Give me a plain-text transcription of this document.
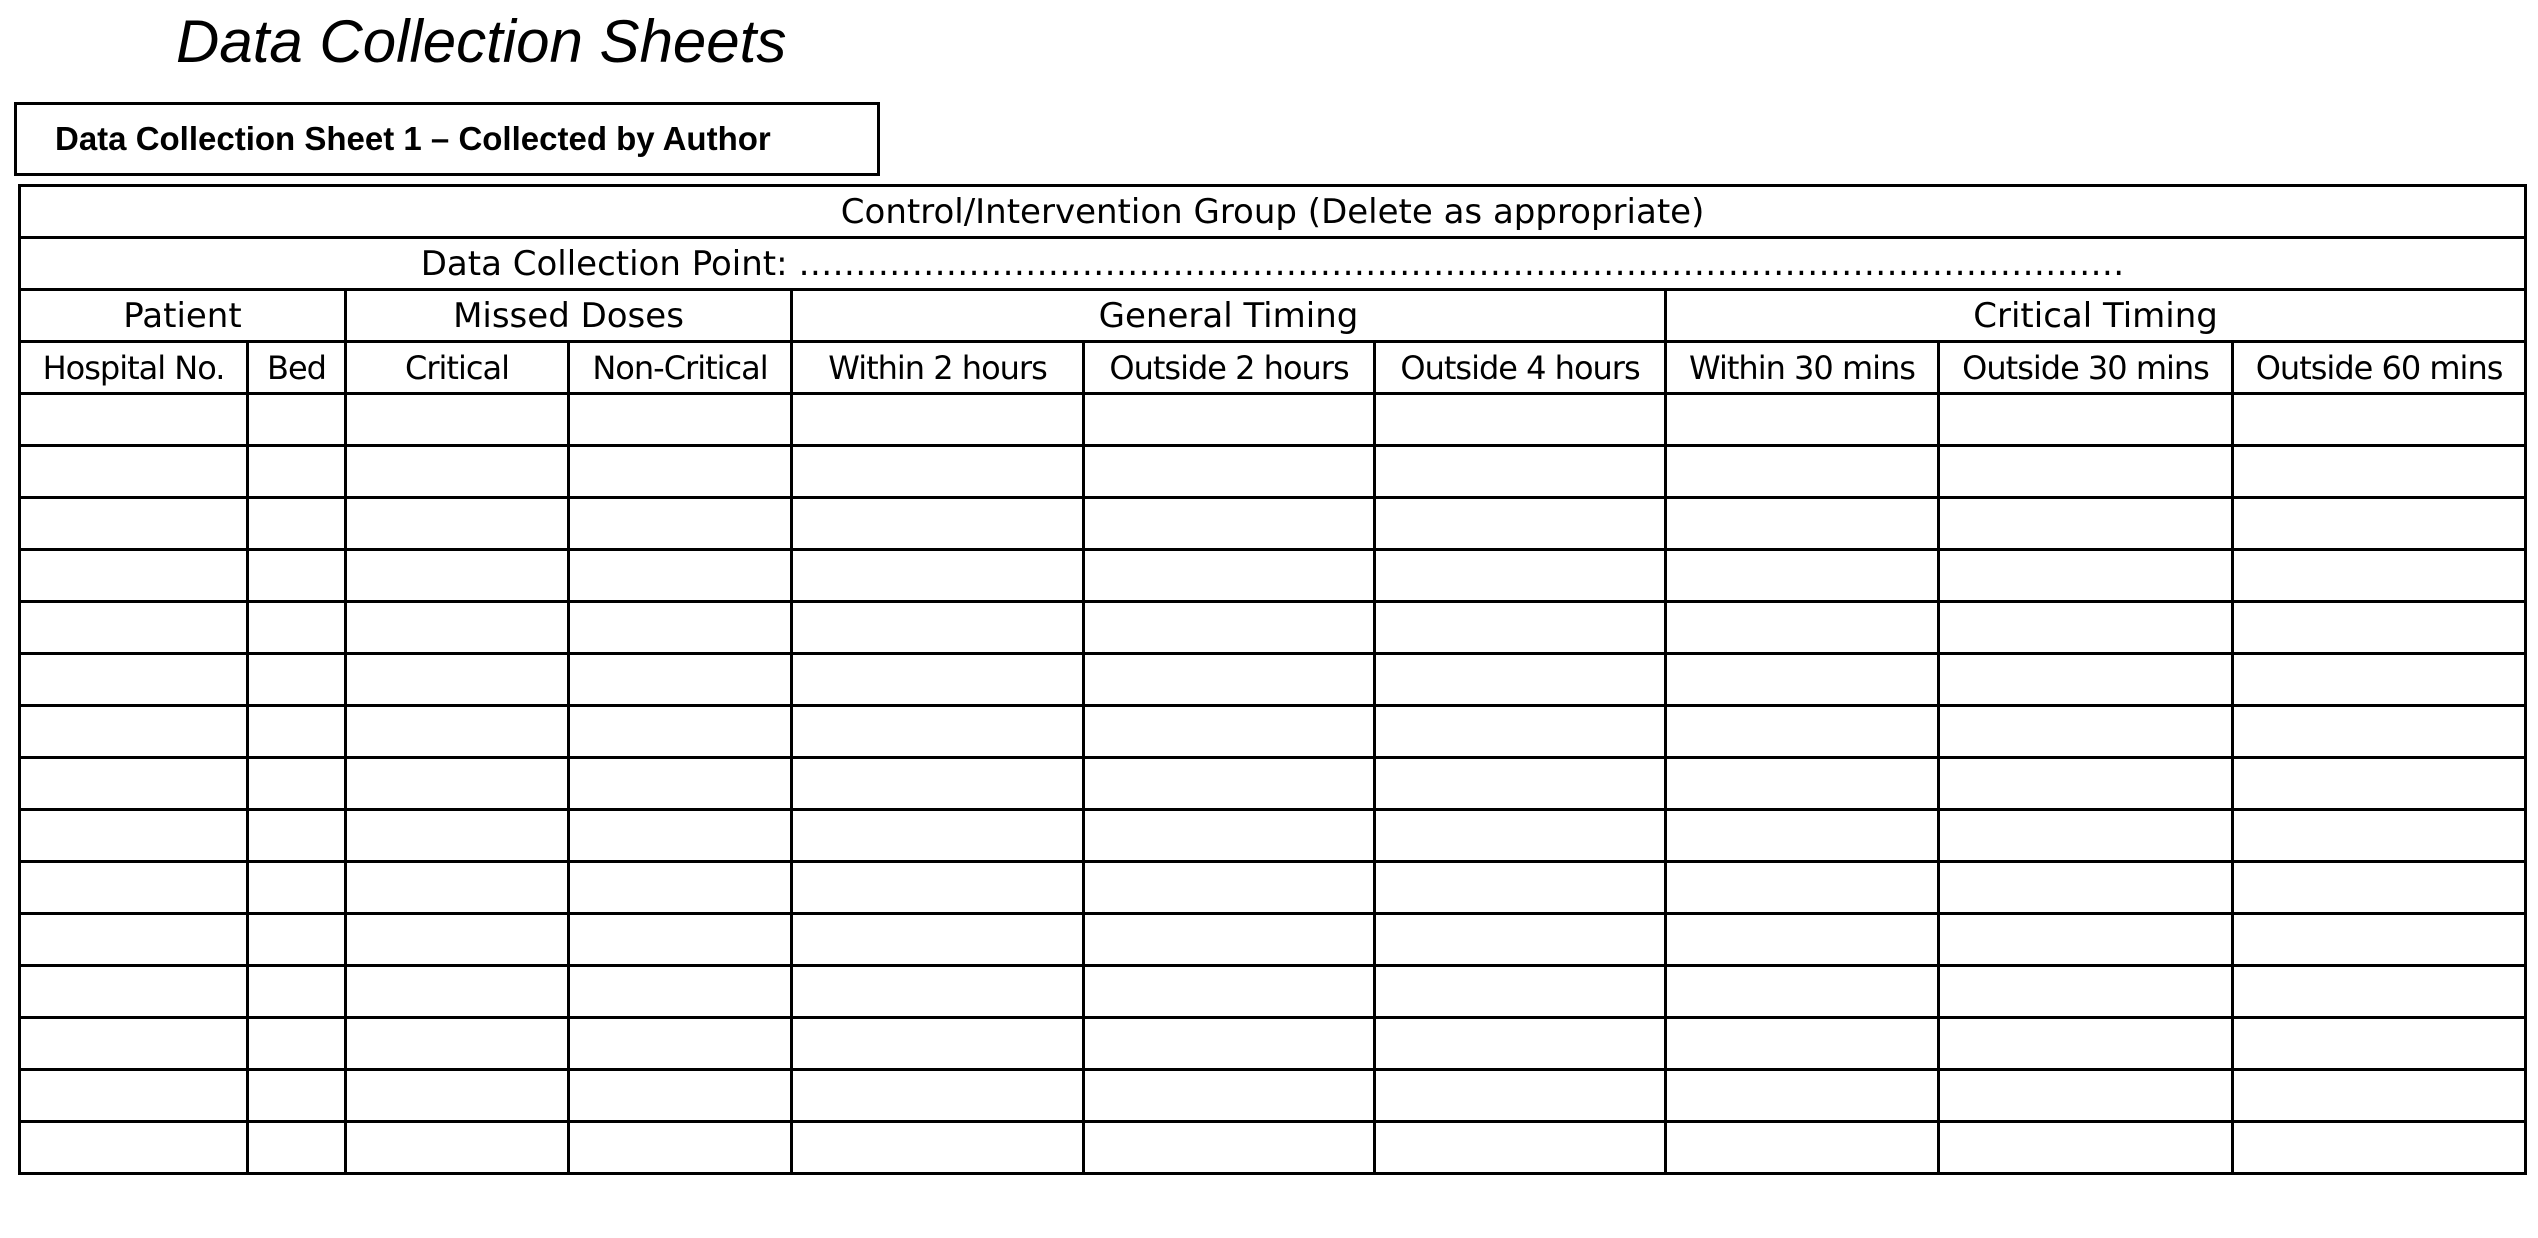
Data Collection Sheets
Data Collection Sheet 1 – Collected by Author
Control/Intervention Group (Delete as appropriate)									
Data Collection Point: ………………………………………………………………………………………………………									
Patient		Missed Doses		General Timing			Critical Timing		
Hospital No.	Bed	Critical	Non-Critical	Within 2 hours	Outside 2 hours	Outside 4 hours	Within 30 mins	Outside 30 mins	Outside 60 mins
